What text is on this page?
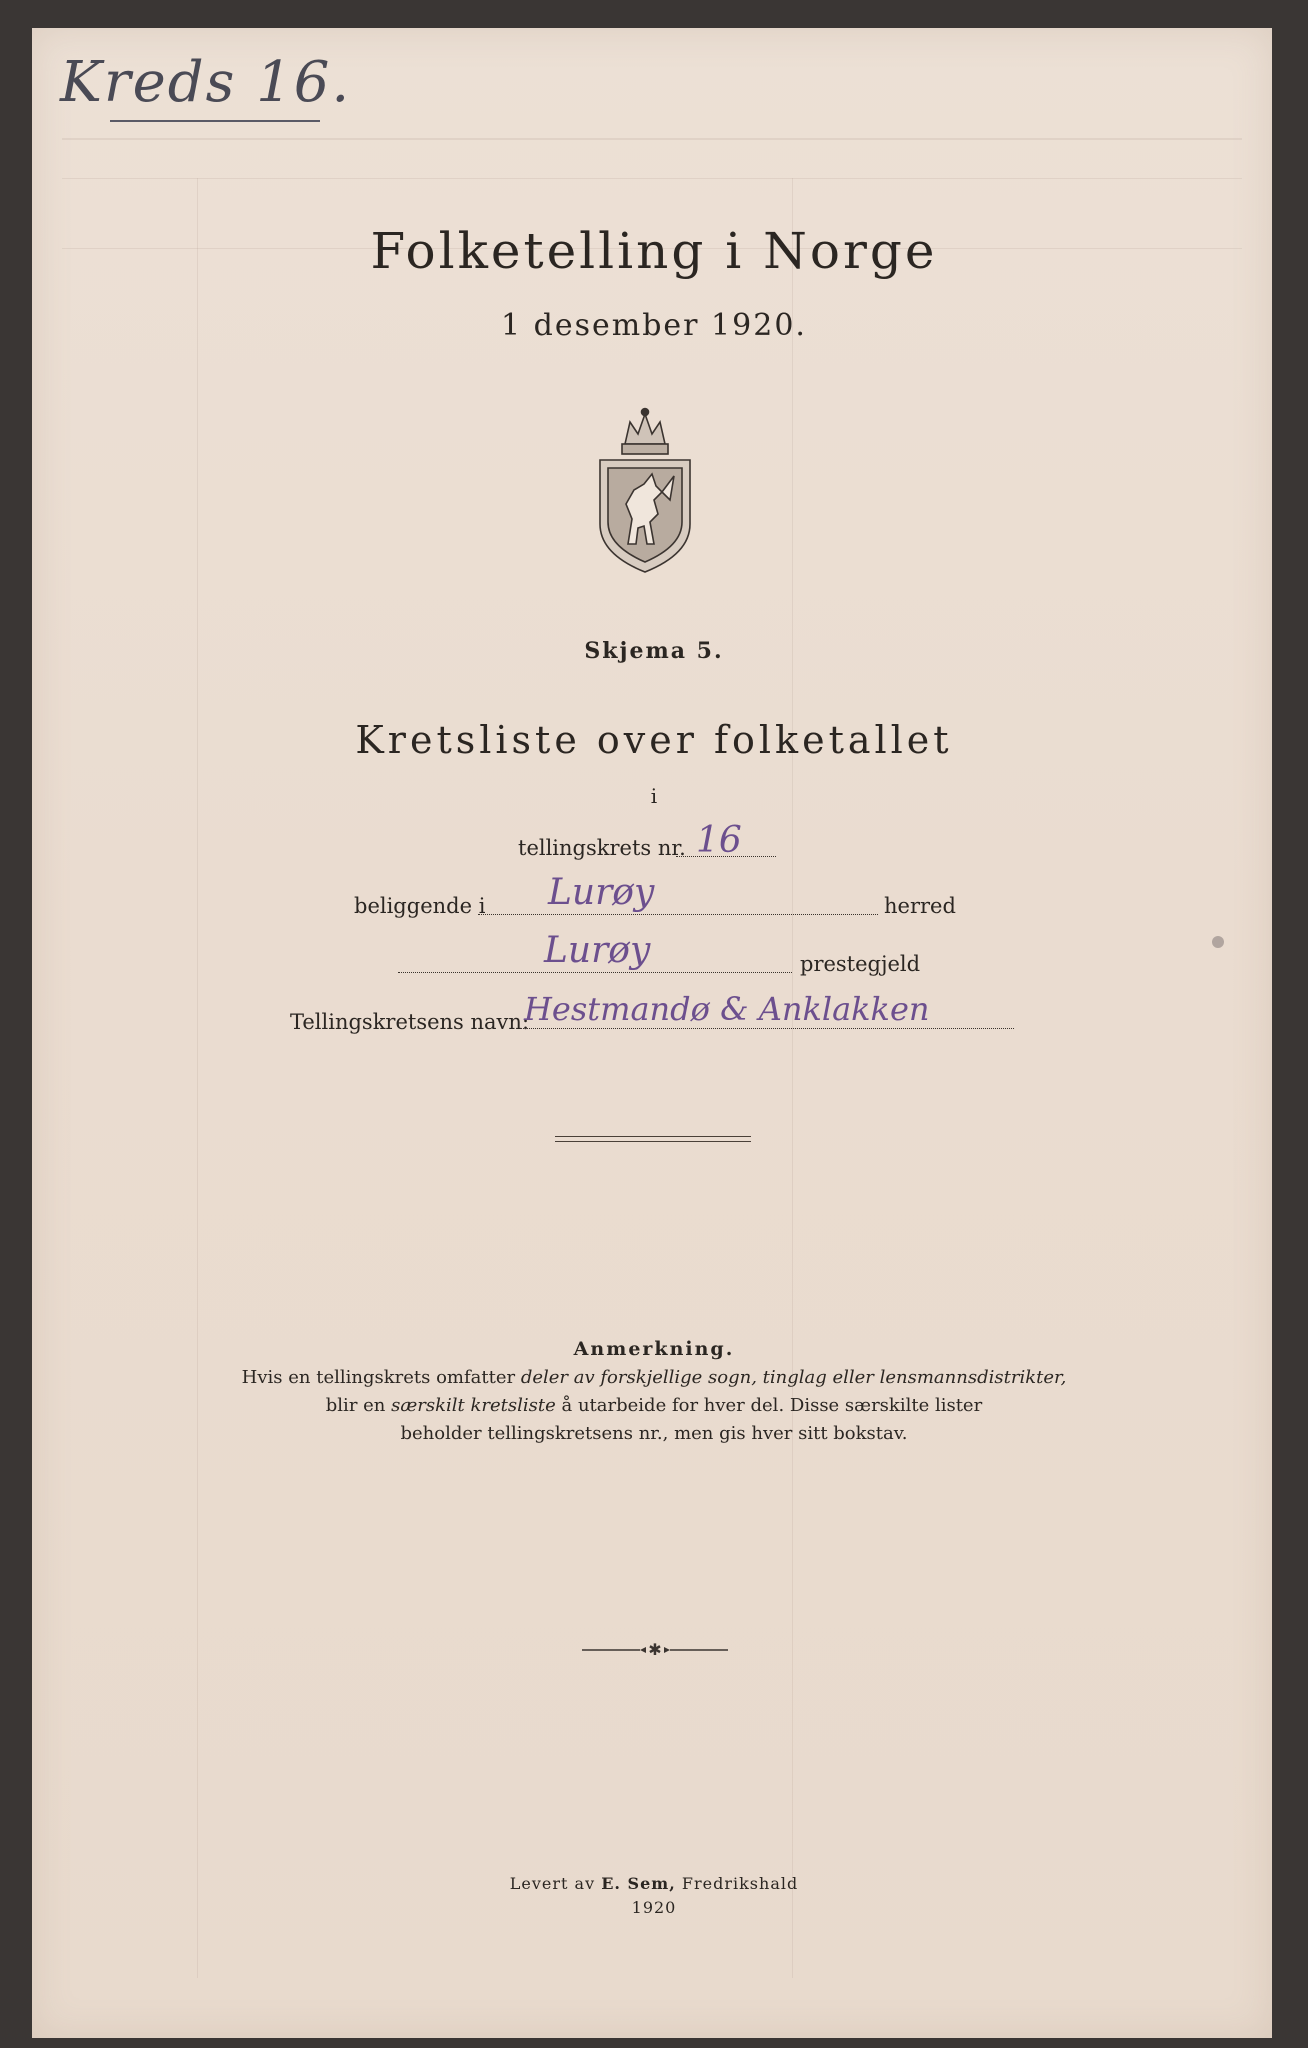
Kreds 16.
Folketelling i Norge
1 desember 1920.
Skjema 5.
Kretsliste over folketallet
i
tellingskrets nr. 16
beliggende i Lurøy	herred
Lurøy	prestegjeld
Tellingskretsens navn:
Hestmandø & Anklakken
Anmerkning.
Hvis en tellingskrets omfatter deler av forskjellige sogn, tinglag eller lensmannsdistrikter,
blir en særskilt kretsliste å utarbeide for hver del. Disse særskilte lister
beholder tellingskretsens nr., men gis hver sitt bokstav.
✱
Levert av E. Sem, Fredrikshald
1920
